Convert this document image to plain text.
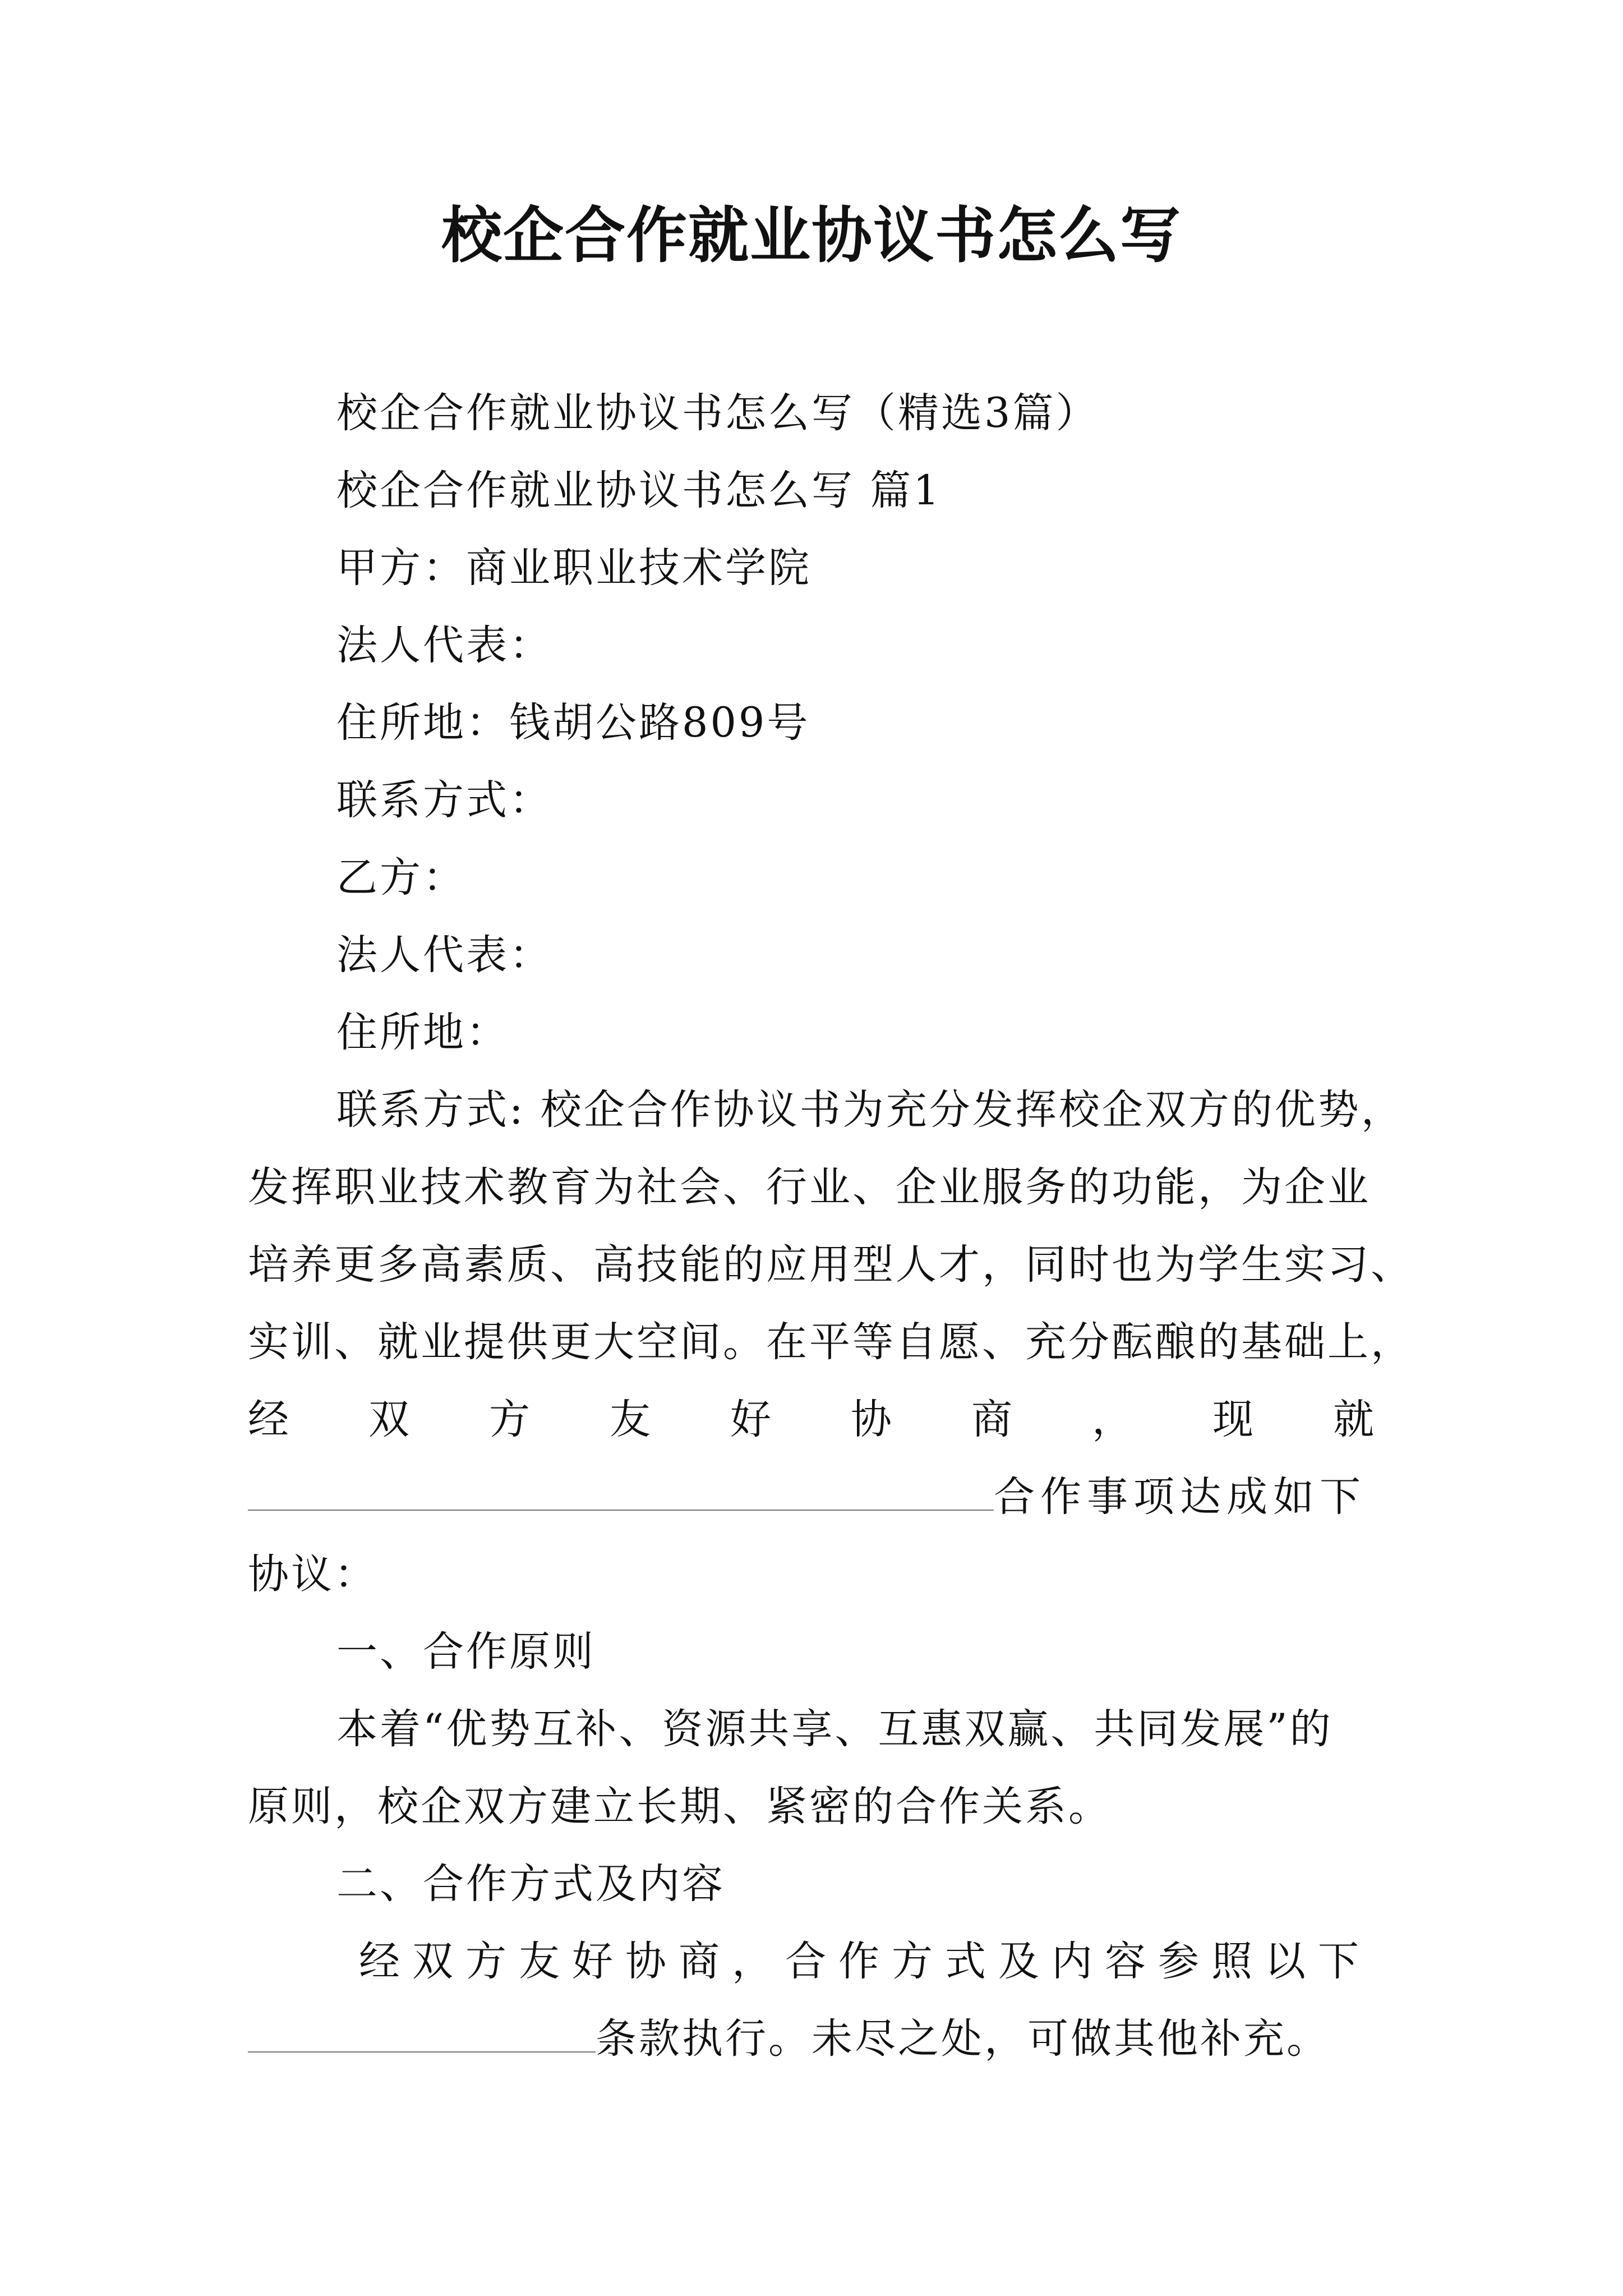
校企合作就业协议书怎么写
校企合作就业协议书怎么写（精选3篇）
校企合作就业协议书怎么写 篇1
甲方：商业职业技术学院
法人代表：
住所地：钱胡公路809号
联系方式：
乙方：
法人代表：
住所地：
联系方式: 校企合作协议书为充分发挥校企双方的优势，
发挥职业技术教育为社会、行业、企业服务的功能，为企业
培养更多高素质、高技能的应用型人才，同时也为学生实习、
实训、就业提供更大空间。在平等自愿、充分酝酿的基础上，
经 双 方 友 好 协 商 ， 现 就
合作事项达成如下
协议：
一、合作原则
本着“优势互补、资源共享、互惠双赢、共同发展”的
原则，校企双方建立长期、紧密的合作关系。
二、合作方式及内容
经双方友好协商，合作方式及内容参照以下
条款执行。未尽之处，可做其他补充。
